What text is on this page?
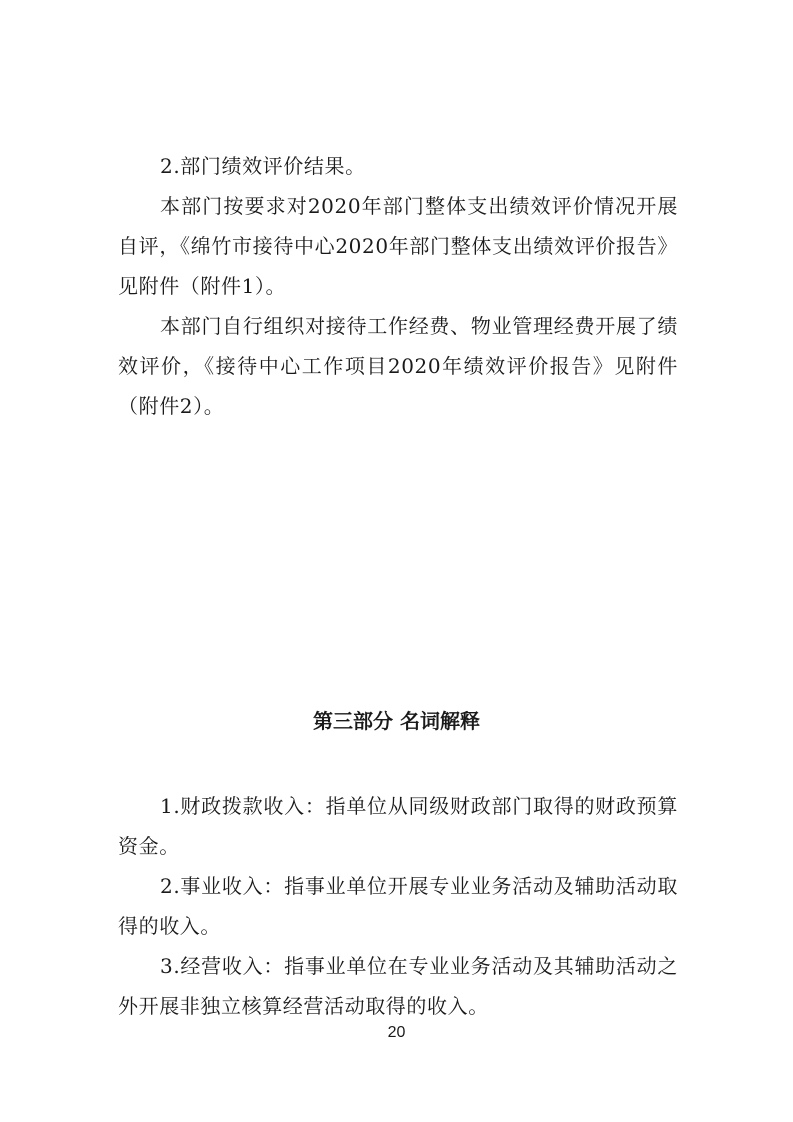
2.部门绩效评价结果。

本部门按要求对2020年部门整体支出绩效评价情况开展自评，《绵竹市接待中心2020年部门整体支出绩效评价报告》见附件（附件1）。

本部门自行组织对接待工作经费、物业管理经费开展了绩效评价，《接待中心工作项目2020年绩效评价报告》见附件（附件2）。

第三部分 名词解释

1.财政拨款收入：指单位从同级财政部门取得的财政预算资金。

2.事业收入：指事业单位开展专业业务活动及辅助活动取得的收入。

3.经营收入：指事业单位在专业业务活动及其辅助活动之外开展非独立核算经营活动取得的收入。

20
